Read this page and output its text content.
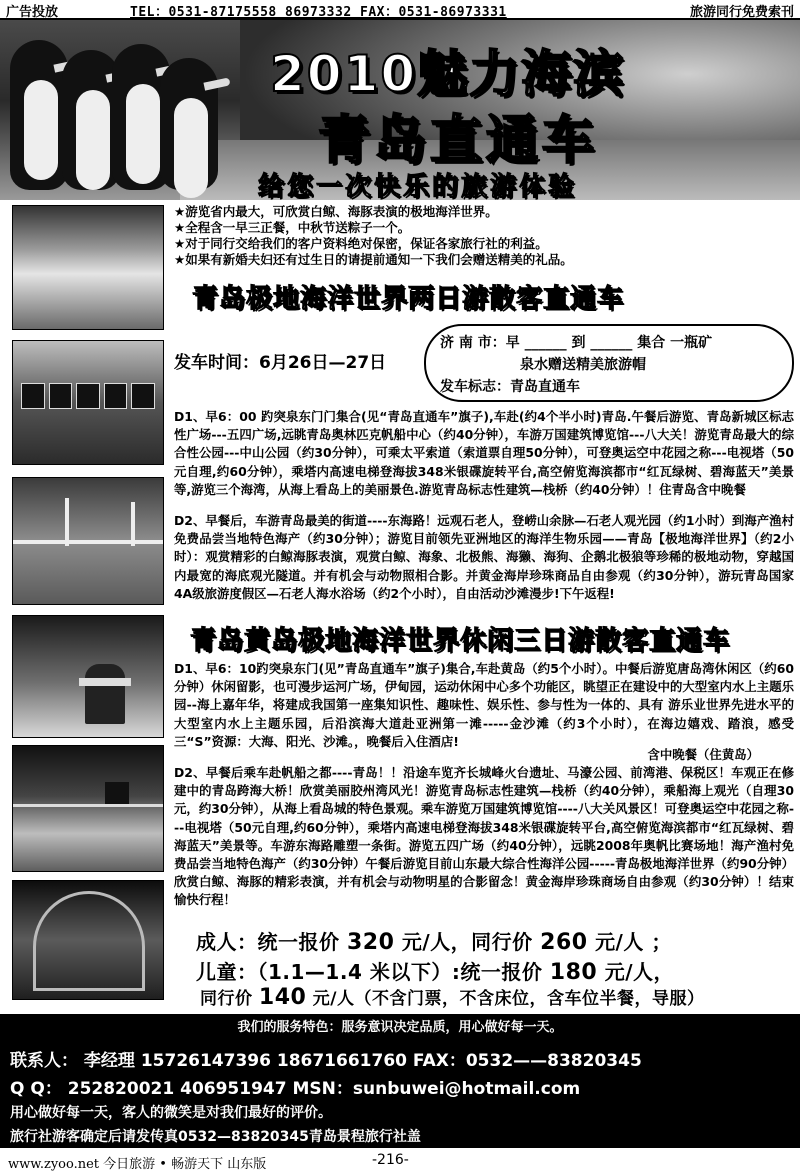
广告投放	TEL：0531-87175558 86973332 FAX：0531-86973331	旅游同行免费索刊
2010魅力海滨
青岛直通车
给您一次快乐的旅游体验
★游览省内最大，可欣赏白鲸、海豚表演的极地海洋世界。
★全程含一早三正餐，中秋节送粽子一个。
★对于同行交给我们的客户资料绝对保密，保证各家旅行社的利益。
★如果有新婚夫妇还有过生日的请提前通知一下我们会赠送精美的礼品。
青岛极地海洋世界两日游散客直通车
发车时间：6月26日—27日
济 南 市：早 ______ 到 ______ 集合 一瓶矿
泉水赠送精美旅游帽
发车标志：青岛直通车
D1、早6：00 趵突泉东门门集合(见“青岛直通车”旗子),车赴(约4个半小时)青岛.午餐后游览、青岛新城区标志性广场---五四广场,远眺青岛奥林匹克帆船中心（约40分钟），车游万国建筑博览馆---八大关！游览青岛最大的综合性公园---中山公园（约30分钟），可乘太平索道（索道票自理50分钟），可登奥运空中花园之称---电视塔（50元自理,约60分钟），乘塔内高速电梯登海拔348米银碟旋转平台,高空俯览海滨都市“红瓦绿树、碧海蓝天”美景等,游览三个海湾，从海上看岛上的美丽景色.游览青岛标志性建筑—栈桥（约40分钟）！住青岛含中晚餐
D2、早餐后，车游青岛最美的街道----东海路！远观石老人，登崂山余脉—石老人观光园（约1小时）到海产渔村免费品尝当地特色海产（约30分钟）；游览目前领先亚洲地区的海洋生物乐园——青岛【极地海洋世界】（约2小时）：观赏精彩的白鲸海豚表演，观赏白鲸、海象、北极熊、海獭、海狗、企鹅北极狼等珍稀的极地动物，穿越国内最宽的海底观光隧道。并有机会与动物照相合影。并黄金海岸珍珠商品自由参观（约30分钟），游玩青岛国家4A级旅游度假区—石老人海水浴场（约2个小时），自由活动沙滩漫步!下午返程!
青岛黄岛极地海洋世界休闲三日游散客直通车
D1、早6：10趵突泉东门(见”青岛直通车”旗子)集合,车赴黄岛（约5个小时）。中餐后游览唐岛湾休闲区（约60分钟）休闲留影，也可漫步运河广场，伊甸园，运动休闲中心多个功能区，眺望正在建设中的大型室内水上主题乐园--海上嘉年华，将建成我国第一座集知识性、趣味性、娱乐性、参与性为一体的、具有 游乐业世界先进水平的大型室内水上主题乐园，后沿滨海大道赴亚洲第一滩-----金沙滩（约3个小时），在海边嬉戏、踏浪，感受三“S”资源：大海、阳光、沙滩。，晚餐后入住酒店!
含中晚餐（住黄岛）
D2、早餐后乘车赴帆船之都----青岛！！沿途车览齐长城峰火台遗址、马濠公园、前湾港、保税区！车观正在修建中的青岛跨海大桥！欣赏美丽胶州湾风光！游览青岛标志性建筑—栈桥（约40分钟），乘船海上观光（自理30元，约30分钟），从海上看岛城的特色景观。乘车游览万国建筑博览馆----八大关风景区！可登奥运空中花园之称---电视塔（50元自理,约60分钟），乘塔内高速电梯登海拔348米银碟旋转平台,高空俯览海滨都市“红瓦绿树、碧海蓝天”美景等。车游东海路雕塑一条街。游览五四广场（约40分钟），远眺2008年奥帆比赛场地！海产渔村免费品尝当地特色海产（约30分钟）午餐后游览目前山东最大综合性海洋公园-----青岛极地海洋世界（约90分钟）欣赏白鲸、海豚的精彩表演，并有机会与动物明星的合影留念！黄金海岸珍珠商场自由参观（约30分钟）！结束愉快行程！
成人：统一报价 320 元/人，同行价 260 元/人 ；
儿童：（1.1—1.4 米以下）:统一报价 180 元/人，
同行价 140 元/人（不含门票，不含床位，含车位半餐，导服）
我们的服务特色：服务意识决定品质，用心做好每一天。
联系人： 李经理 15726147396 18671661760 FAX：0532——83820345
Q Q： 252820021 406951947 MSN：sunbuwei@hotmail.com
用心做好每一天，客人的微笑是对我们最好的评价。
旅行社游客确定后请发传真0532—83820345青岛景程旅行社盖
www.zyoo.net 今日旅游 • 畅游天下 山东版	-216-
